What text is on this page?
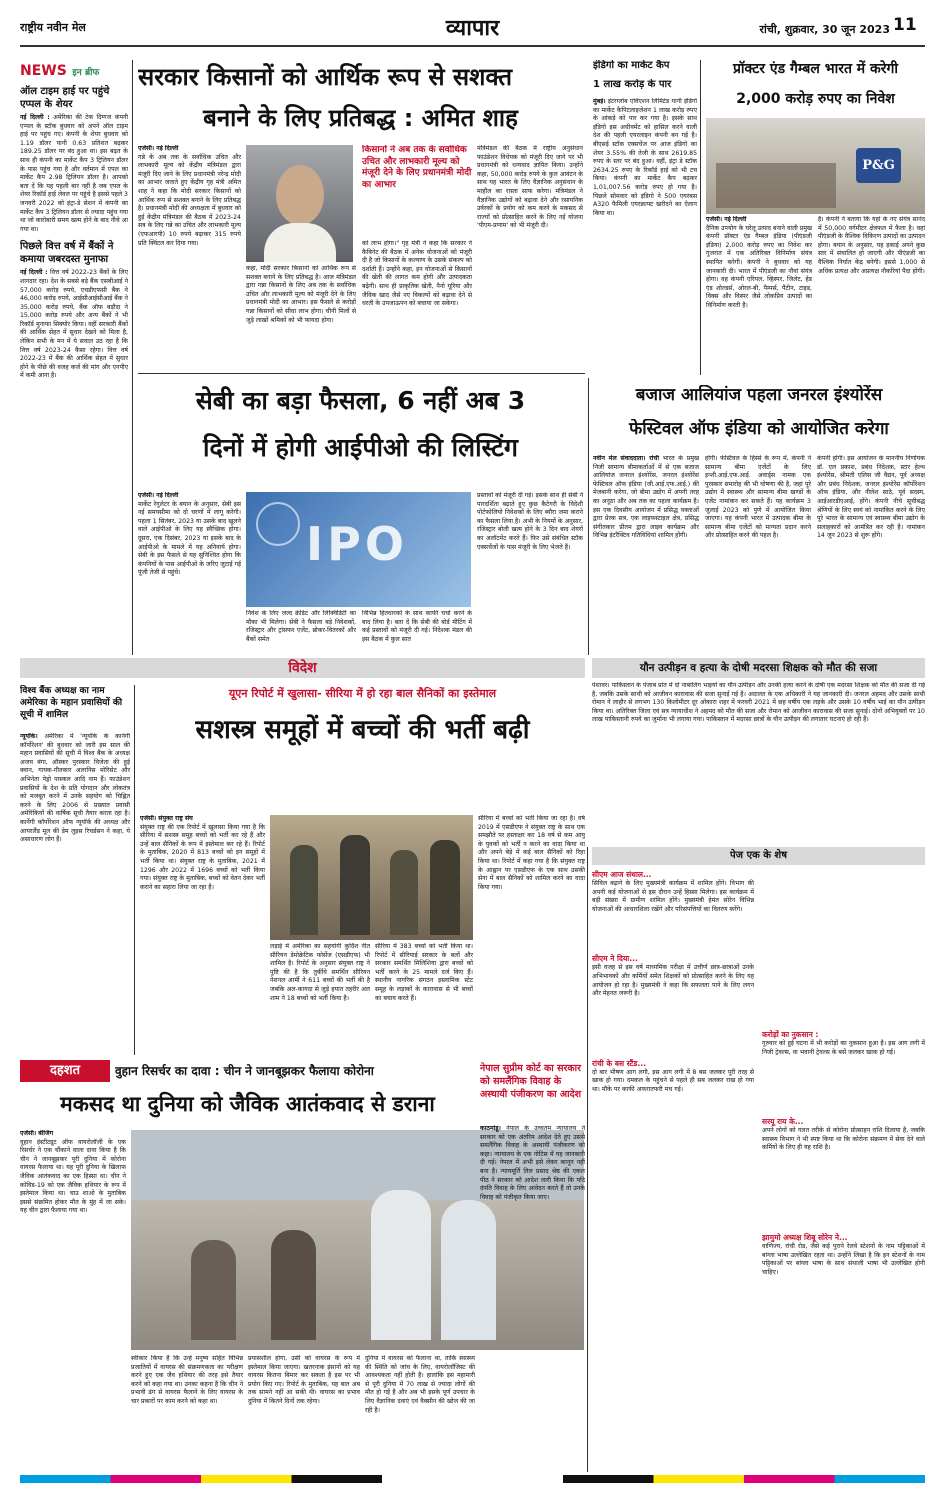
राष्ट्रीय नवीन मेल	व्यापार	रांची, शुक्रवार, 30 जून 2023 11
NEWS इन ब्रीफ
ऑल टाइम हाई पर पहुंचे एप्पल के शेयर
नई दिल्ली : अमेरिका की टेक दिग्गज कंपनी एप्पल के स्टॉक बुधवार को अपने ऑल टाइम हाई पर पहुंच गए। कंपनी के शेयर बुधवार को 1.19 डॉलर यानी 0.63 प्रतिशत बढ़कर 189.25 डॉलर पर बंद हुआ था। इस बढ़त के साथ ही कंपनी का मार्केट कैप 3 ट्रिलियन डॉलर के पास पहुंच गया है और वर्तमान में एपल का मार्केट कैप 2.98 ट्रिलियन डॉलर है। आपको बता दें कि यह पहली बार नहीं है जब एपल के शेयर रिकॉर्ड हाई लेवल पर पहुंचे है इससे पहले 3 जनवरी 2022 को इंट्रा-डे सेशन में कंपनी का मार्केट कैप 3 ट्रिलियन डॉलर से ज्यादा पहुंच गया था जो कारोबारी समय खत्म होने के बाद नीचे आ गया था।
पिछले वित्त वर्ष में बैंकों ने कमाया जबरदस्त मुनाफा
नई दिल्ली : वित्त वर्ष 2022-23 बैंकों के लिए शानदार रहा। देश के सबसे बड़े बैंक एसबीआई ने 57,000 करोड़ रुपये, एचडीएफसी बैंक ने 46,000 करोड़ रुपये, आईसीआईसीआई बैंक ने 35,000 करोड़ रुपये, बैंक ऑफ बड़ौदा ने 15,000 करोड़ रुपये और अन्य बैंकों ने भी रिकॉर्ड मुनाफा सिक्योर किया। वहीं सरकारी बैंकों की आर्थिक सेहत में सुधार देखने को मिला है, लेकिन सभी के मन में ये सवाल उठ रहा है कि वित्त वर्ष 2023-24 कैसा रहेगा। वित्त वर्ष 2022-23 में बैंक की आर्थिक सेहत में सुधार होने के पीछे की वजह कर्ज की मांग और एनपीए में कमी आना है।
सरकार किसानों को आर्थिक रूप से सशक्त
बनाने के लिए प्रतिबद्ध : अमित शाह
एजेंसी। नई दिल्ली
गन्ने के अब तक के सर्वाधिक उचित और लाभकारी मूल्य को केंद्रीय मंत्रिमंडल द्वारा मंजूरी दिए जाने के लिए प्रधानमंत्री नरेन्द्र मोदी का आभार जताते हुए केंद्रीय गृह मंत्री अमित शाह ने कहा कि मोदी सरकार किसानों को आर्थिक रूप से सशक्त बनाने के लिए प्रतिबद्ध है। प्रधानमंत्री मोदी की अध्यक्षता में बुधवार को हुई केंद्रीय मंत्रिमंडल की बैठक में 2023-24 सत्र के लिए गन्ने का उचित और लाभकारी मूल्य (एफआरपी) 10 रुपये बढ़ाकर 315 रुपये प्रति क्विंटल कर दिया गया।
किसानों ने अब तक के सर्वाधिक उचित और लाभकारी मूल्य को मंजूरी देने के लिए प्रधानमंत्री मोदी का आभार
कहा, मोदी सरकार किसानों को आर्थिक रूप से सशक्त बनाने के लिए प्रतिबद्ध है। आज मंत्रिमंडल द्वारा गन्ना किसानों के लिए अब तक के सर्वाधिक उचित और लाभकारी मूल्य को मंजूरी देने के लिए प्रधानमंत्री मोदी का आभार। इस फैसले से करोड़ों गन्ना किसानों को सीधा लाभ होगा। चीनी मिलों से जुड़े लाखों श्रमिकों को भी फायदा होगा।
को लाभ होगा।" गृह मंत्री ने कहा कि सरकार ने कैबिनेट की बैठक में अनेक योजनाओं को मंजूरी दी है जो किसानों के कल्याण के उसके संकल्प को दर्शाती हैं। उन्होंने कहा, इन योजनाओं से किसानों की खेती की लागत कम होगी और उत्पादकता बढ़ेगी। साथ ही प्राकृतिक खेती, नैनो यूरिया और जैविक खाद जैसे नए विकल्पों को बढ़ावा देने से धरती के उपजाऊपन को बचाया जा सकेगा।
मंत्रिमंडल की बैठक में राष्ट्रीय अनुसंधान फाउंडेशन विधेयक को मंजूरी दिए जाने पर भी प्रधानमंत्री को धन्यवाद ज्ञापित किया। उन्होंने कहा, 50,000 करोड़ रुपये के कुल आवंटन के साथ यह भारत के लिए वैज्ञानिक अनुसंधान के माहौल का रास्ता साफ करेगा। मंत्रिमंडल ने वैज्ञानिक उद्योगों को बढ़ावा देने और रसायनिक उर्वरकों के प्रयोग को कम करने के मकसद से राज्यों को प्रोत्साहित करने के लिए नई योजना 'पीएम-प्रणाम' को भी मंजूरी दी।
इंडिगो का मार्केट कैप
1 लाख करोड़ के पार
मुंबई। इंटरग्लोब एविएशन लिमिटेड यानी इंडिगो का मार्केट कैपिटलाइजेशन 1 लाख करोड़ रुपए के आंकड़े को पार कर गया है। इसके साथ इंडिगो इस अचीवमेंट को हासिल करने वाली देश की पहली एयरलाइन कंपनी बन गई है। बीएसई स्टॉक एक्सचेंज पर आज इंडिगो का शेयर 3.55% की तेजी के साथ 2619.85 रुपए के स्तर पर बंद हुआ। वहीं, इंट्रा डे स्टॉक 2634.25 रुपए के रिकॉर्ड हाई को भी टच किया। कंपनी का मार्केट कैप बढ़कर 1,01,007.56 करोड़ रुपए हो गया है। पिछले सोमवार को इंडिगो ने 500 एयरबस A320 फैमिली एयरक्राफ्ट खरीदने का ऐलान किया था।
प्रॉक्टर एंड गैम्बल भारत में करेगी
2,000 करोड़ रुपए का निवेश
P&G
एजेंसी। नई दिल्ली
दैनिक उपयोग के घरेलू उत्पाद बनाने वाली प्रमुख कंपनी प्रॉक्टर एंड गैम्बल इंडिया (पीएंडजी इंडिया) 2,000 करोड़ रुपए का निवेश कर गुजरात में एक अतिरिक्त विनिर्माण संयंत्र स्थापित करेगी। कंपनी ने बुधवार को यह जानकारी दी। भारत में पीएंडजी का नौवां संयंत्र होगा। वह कंपनी एरियल, व्हिस्पर, जिलेट, हेड एंड शोल्डर्स, ओरल-बी, पैम्पर्स, पैंटीन, टाइड, विक्स और विस्पर जैसे लोकप्रिय उत्पादों का विनिर्माण करती है।
है। कंपनी ने बताया कि यहां के नए संयंत्र सानंद में 50,000 वर्गमीटर क्षेत्रफल में फैला है। वहां पीएंडजी के वैश्विक विकिरण उत्पादों का उत्पादन होगा। बयान के अनुसार, यह इकाई अपने कुछ स्तर में संचालित हो जाएगी और पीएंडजी का वैश्विक निर्यात केंद्र बनेगी। इससे 1,000 से अधिक प्रत्यक्ष और अप्रत्यक्ष नौकरियां पैदा होंगी।
सेबी का बड़ा फैसला, 6 नहीं अब 3
दिनों में होगी आईपीओ की लिस्टिंग
एजेंसी। नई दिल्ली
मार्केट रेगुलेटर के बयान के अनुसार, सेबी इस नई समयसीमा को दो चरणों में लागू करेगी। पहला 1 सितंबर, 2023 या उसके बाद खुलने वाले आईपीओ के लिए यह स्वैच्छिक होगा। दूसरा, एक दिसंबर, 2023 या इसके बाद के आईपीओ के मामले में यह अनिवार्य होगा। सेबी के इस फैसले से यह सुनिश्चित होगा कि कंपनियों के पास आईपीओ के जरिए जुटाई गई पूंजी तेजी से पहुंचे।
IPO
निवेश के लिए जल्द क्रेडिट और लिक्विडिटी का मौका भी मिलेगा। सेबी ने फैसला बड़े निवेशकों, रजिस्ट्रार और ट्रांसफर एजेंट, ब्रोकर-वितरकों और बैंकों समेत
विभिन्न हितधारकों के साथ काफी चर्चा करने के बाद लिया है। बता दें कि सेबी की बोर्ड मीटिंग में कई प्रस्तावों को मंजूरी दी गई। निदेशक मंडल की इस बैठक में कुल सात
प्रस्तावों को मंजूरी दी गई। इसके साथ ही सेबी ने पारदर्शिता बढ़ाते हुए कुछ कैटेगरी के विदेशी पोर्टफोलियो निवेशकों के लिए ब्यौरा जमा कराने का फैसला लिया है। अभी के नियमों के अनुसार, रजिस्ट्रार बोली खत्म होने के 3 दिन बाद शेयरों का अलॉटमेंट करते हैं। फिर उसे संबंधित स्टॉक एक्सचेंजों के पास मंजूरी के लिए भेजते हैं।
बजाज आलियांज पहला जनरल इंश्योरेंस
फेस्टिवल ऑफ इंडिया को आयोजित करेगा
नवीन मेल संवाददाता। रांची भारत के प्रमुख निजी सामान्य बीमाकर्ताओं में से एक बजाज आलियांज जनरल इंश्योरेंस, जनरल इंश्योरेंस फेस्टिवल ऑफ इंडिया (जी.आई.एफ.आई.) की मेजबानी करेगा, जो बीमा उद्योग में अपनी तरह का अनूठा और अब तक का पहला कार्यक्रम है। इस एक दिवसीय आयोजन में प्रसिद्ध वक्ताओं द्वारा प्रेरक सत्र, एक लाइफस्टाइल क्षेत्र, प्रसिद्ध संगीतकार प्रीतम द्वारा लाइव कार्यक्रम और विभिन्न इंटरैक्टिव गतिविधियां शामिल होंगी।
होंगी। फेस्टिवल के हिस्से के रूप में, कंपनी ने सामान्य बीमा एजेंटों के लिए इन्शी.आई.एफ.आई. अवार्ड्स नामक एक पुरस्कार समारोह की भी घोषणा की है, जहां पूरे उद्योग में स्वास्थ्य और सामान्य बीमा खण्डों के एजेंट नामांकन कर सकते हैं। यह कार्यक्रम 3 जुलाई 2023 को पुणे में आयोजित किया जाएगा। यह कंपनी भारत में उत्पादक बीमा के सामान्य बीमा एजेंटों को मान्यता प्रदान करने और प्रोत्साहित करने की पहल है।
कंपनी होंगी। इस आयोजन के माननीय निर्णायक डॉ. एल प्रकाश, प्रबंध निदेशक, स्टार हेल्थ इंश्योरेंस, श्रीमती एलिस जी वैद्यन, पूर्व अध्यक्ष और प्रबंध निदेशक, जनरल इंश्योरेंस कॉर्पोरेशन ऑफ इंडिया, और नीलेश साठे, पूर्व सदस्य, आईआरडीएआई, होंगे। कंपनी नीचे सूचीबद्ध श्रेणियों के लिए स्वयं को नामांकित करने के लिए पूरे भारत के सामान्य एवं स्वास्थ्य बीमा उद्योग के सलाहकारों को आमंत्रित कर रही है। नामांकन 14 जुन 2023 से शुरू होंगे।
विदेश	यौन उत्पीड़न व हत्या के दोषी मदरसा शिक्षक को मौत की सजा
पेशावर। पाकिस्तान के पंजाब प्रांत में दो नाबालिग भाइयों का यौन उत्पीड़न और उनकी हत्या करने के दोषी एक मदरसा शिक्षक को मौत की सजा दी गई है, जबकि उसके साथी को आजीवन कारावास की सजा सुनाई गई है। अदालत के एक अधिकारी ने यह जानकारी दी। जनरल अहमद और उसके साथी रोमान ने लाहौर से लगभग 130 किलोमीटर दूर ओकारा शहर में फरवरी 2021 में छह वर्षीय एक लड़के और उसके 10 वर्षीय भाई का यौन उत्पीड़न किया था। अतिरिक्त जिला एवं सत्र न्यायाधीश ने अहमद को मौत की सजा और रोमान को आजीवन कारावास की सजा सुनाई। दोनों अभियुक्तों पर 10 लाख पाकिस्तानी रुपये का जुर्माना भी लगाया गया। पाकिस्तान में मदरसा छात्रों के यौन उत्पीड़न की लगातार घटनाएं हो रही हैं।
विश्व बैंक अध्यक्ष का नाम अमेरिका के महान प्रवासियों की सूची में शामिल
न्यूयॉर्क। अमेरिका में 'न्यूयॉर्क के कार्नेगी कॉर्पोरेशन' की बुधवार को जारी इस साल की महान प्रवासियों की सूची में विश्व बैंक के अध्यक्ष अजय बंगा, ऑस्कर पुरस्कार विजेता की हुई क्वान, गायक-गीतकार अलानिस मोरिसेट और अभिनेता पेड्रो पास्कल आदि नाम हैं। फाउंडेशन प्रवासियों के देश के प्रति योगदान और लोकतंत्र को मजबूत करने में उनके सहयोग को चिह्नित करने के लिए 2006 से प्रख्यात प्रवासी अमेरिकियों की वार्षिक सूची तैयार करता रहा है। कार्नेगी कॉर्पोरेशन ऑफ न्यूयॉर्क की अध्यक्ष और आयरलैंड मूल की डेम लुइस रिचर्डसन ने कहा, ये असाधारण लोग हैं।
यूएन रिपोर्ट में खुलासा- सीरिया में हो रहा बाल सैनिकों का इस्तेमाल
सशस्त्र समूहों में बच्चों की भर्ती बढ़ी
एजेंसी। संयुक्त राष्ट्र संघ
संयुक्त राष्ट्र की एक रिपोर्ट में खुलासा किया गया है कि सीरिया में सशस्त्र समूह बच्चों को भर्ती कर रहे हैं और उन्हें बाल सैनिकों के रूप में इस्तेमाल कर रहे हैं। रिपोर्ट के मुताबिक, 2020 में 813 बच्चों को इन समूहों में भर्ती किया था। संयुक्त राष्ट्र के मुताबिक, 2021 में 1296 और 2022 में 1696 बच्चों को भर्ती किया गया। संयुक्त राष्ट्र के मुताबिक, बच्चों को वेतन देकर भर्ती कराने का सहारा लिया जा रहा है।
लड़ाई में अमेरिका का सहयोगी कुर्दिश नीत सीरियन डेमोक्रेटिक फोर्सेज (एसडीएफ) भी शामिल है। रिपोर्ट के अनुसार संयुक्त राष्ट्र ने पुष्टि की है कि तुर्कीये समर्थित सीरियन नेशनल आर्मी ने 611 बच्चों की भर्ती की है जबकि अल-कायदा से जुड़े हयात तहरीर अल शाम ने 18 बच्चों को भर्ती किया है।
सीरिया में 383 बच्चों को भर्ती किया था। रिपोर्ट में सीरियाई सरकार के बलों और सरकार समर्थित मिलिशिया द्वारा बच्चों को भर्ती करने के 25 मामले दर्ज किए हैं। स्थानीय नागरिक संगठन इस्लामिक स्टेट समूह के लड़ाकों के कारावास से भी बच्चों का बचाव करते हैं।
सीरिया में बच्चों को भर्ती किया जा रहा है। वर्ष 2019 में एसडीएफ ने संयुक्त राष्ट्र के साथ एक समझौते पर हस्ताक्षर कर 18 वर्ष से कम आयु के युवकों को भर्ती न करने का वादा किया था और अपने बेड़े में कई बाल सैनिकों को रिहा किया था। रिपोर्ट में कहा गया है कि संयुक्त राष्ट्र के आह्वान पर एसडीएफ के एक साथ उसकी सेना में बाल सैनिकों को शामिल करने का वादा किया गया।
पेज एक के शेष
सीएम आज संथाल...
सिविल बढ़ाने के लिए मुख्यमंत्री कार्यक्रम में शामिल होंगे। विभाग की अपनी कई योजनाओं से इस दौरान उन्हें हिस्सा मिलेगा। इस कार्यक्रम में बड़ी संख्या में ग्रामीण शामिल होंगे। मुख्यमंत्री हेमंत सोरेन विभिन्न योजनाओं की आधारशिला रखेंगे और परिसंपत्तियों का वितरण करेंगे।
सीएम ने दिया...
इसी वजह से इस वर्ष माध्यमिक परीक्षा में उत्तीर्ण छात्र-छात्राओं उनके अभिभावकों और कर्मियों समेत शिक्षकों को प्रोत्साहित करने के लिए यह आयोजन हो रहा है। मुख्यमंत्री ने कहा कि सफलता पाने के लिए लगन और मेहनत जरूरी है।
रांची के बस स्टैंड...
दो बार भीषण आग लगी, इस आग लगी में 8 बस जलकर पूरी तरह से खाक हो गया। दमकल के पहुंचने से पहले ही सब जलकर राख हो गया था। मौके पर काफी अफरातफरी मच गई।
करोड़ों का नुकसान :
गुरुवार को हुई घटना में भी करोड़ों का नुकसान हुआ है। इस आग लगी में निजी ट्रेवल्स, वा भवानी ट्रेवल्स के बसें जलकर खाक हो गईं।
सरयू राय के...
अपने लोगों को गलत तरीके से कोरोना प्रोत्साहन राशि दिलाया है, जबकि स्वास्थ्य विभाग ने भी स्पष्ट किया था कि कोरोना संक्रमण में सेवा देने वाले कर्मियों के लिए ही यह राशि है।
झामुमो अध्यक्ष शिबू सोरेन ने...
वाणिज्य, रांची रोड, जैसे कई पुराने रेलवे स्टेशनों के नाम पट्टिकाओं में बांग्ला भाषा उल्लेखित रहता था। उन्होंने लिखा है कि इन स्टेशनों के नाम पट्टिकाओं पर बांग्ला भाषा के साथ संथाली भाषा भी उल्लेखित होनी चाहिए।
दहशत	वुहान रिसर्चर का दावा : चीन ने जानबूझकर फैलाया कोरोना
मकसद था दुनिया को जैविक आतंकवाद से डराना
एजेंसी। बीजिंग
वुहान इंस्टीट्यूट ऑफ वायरोलॉजी के एक रिसर्चर ने एक चौंकाने वाला दावा किया है कि चीन ने जानबूझकर पूरी दुनिया में कोरोना वायरस फैलाया था। यह पूरी दुनिया के खिलाफ जैविक आतंकवाद का एक हिस्सा था। चीन ने कोविड-19 को एक जैविक हथियार के रूप में इस्तेमाल किया था। चाउ शाओ के मुताबिक इससे संक्रमित होकर मौत के मुंह में जा सके। यह चीन द्वारा फैलाया गया था।
स्वीकार किया है कि उन्हें मनुष्य सहित विभिन्न प्रजातियों में वायरस की संक्रमणकता का परीक्षण करने हुए एक जैव हथियार की तरह इसे तैयार करने को कहा गया था। उनका कहना है कि चीन ने प्रभावी ढंग से वायरस फैलाने के लिए वायरस के चार प्रकारों पर काम करने को कहा था।
प्रयासशील होगा, उसी को वायरस के रूप में इस्तेमाल किया जाएगा। खतरनाक इंसानों को यह वायरस कितना बिमार कर सकता है इस पर भी प्रयोग किए गए। रिपोर्ट के मुताबिक, यह बात अब तक सामने नहीं आ सकी थी। वायरस का प्रभाव दुनिया में कितने दिनों तक रहेगा।
दुनिया में वायरस को फैलाना था, ताकि स्वास्थ्य की स्थिति को जांच के लिए, वायरोलॉजिस्ट की आवश्यकता नहीं होती है। हालांकि इस महामारी से पूरी दुनिया में 70 लाख से ज्यादा लोगों की मौत हो गई है और अब भी इसके पूर्ण उपचार के लिए वैज्ञानिक दवाएं एवं वैक्सीन की खोज की जा रही है।
नेपाल सुप्रीम कोर्ट का सरकार को समलैंगिक विवाह के अस्थायी पंजीकरण का आदेश
काठमांडू। नेपाल के उच्चतम न्यायालय ने सरकार को एक अंतरिम आदेश देते हुए उससे समलैंगिक विवाह के अस्थायी पंजीकरण को कहा। न्यायालय के एक नोटिस में यह जानकारी दी गई। नेपाल में अभी इसे लेकर कानून नहीं बना है। न्यायमूर्ति तिल प्रसाद श्रेष्ठ की एकल पीठ ने सरकार को आदेश जारी किया कि यदि दंपति विवाह के लिए आवेदन करते हैं तो उनके विवाह को पंजीकृत किया जाए।
